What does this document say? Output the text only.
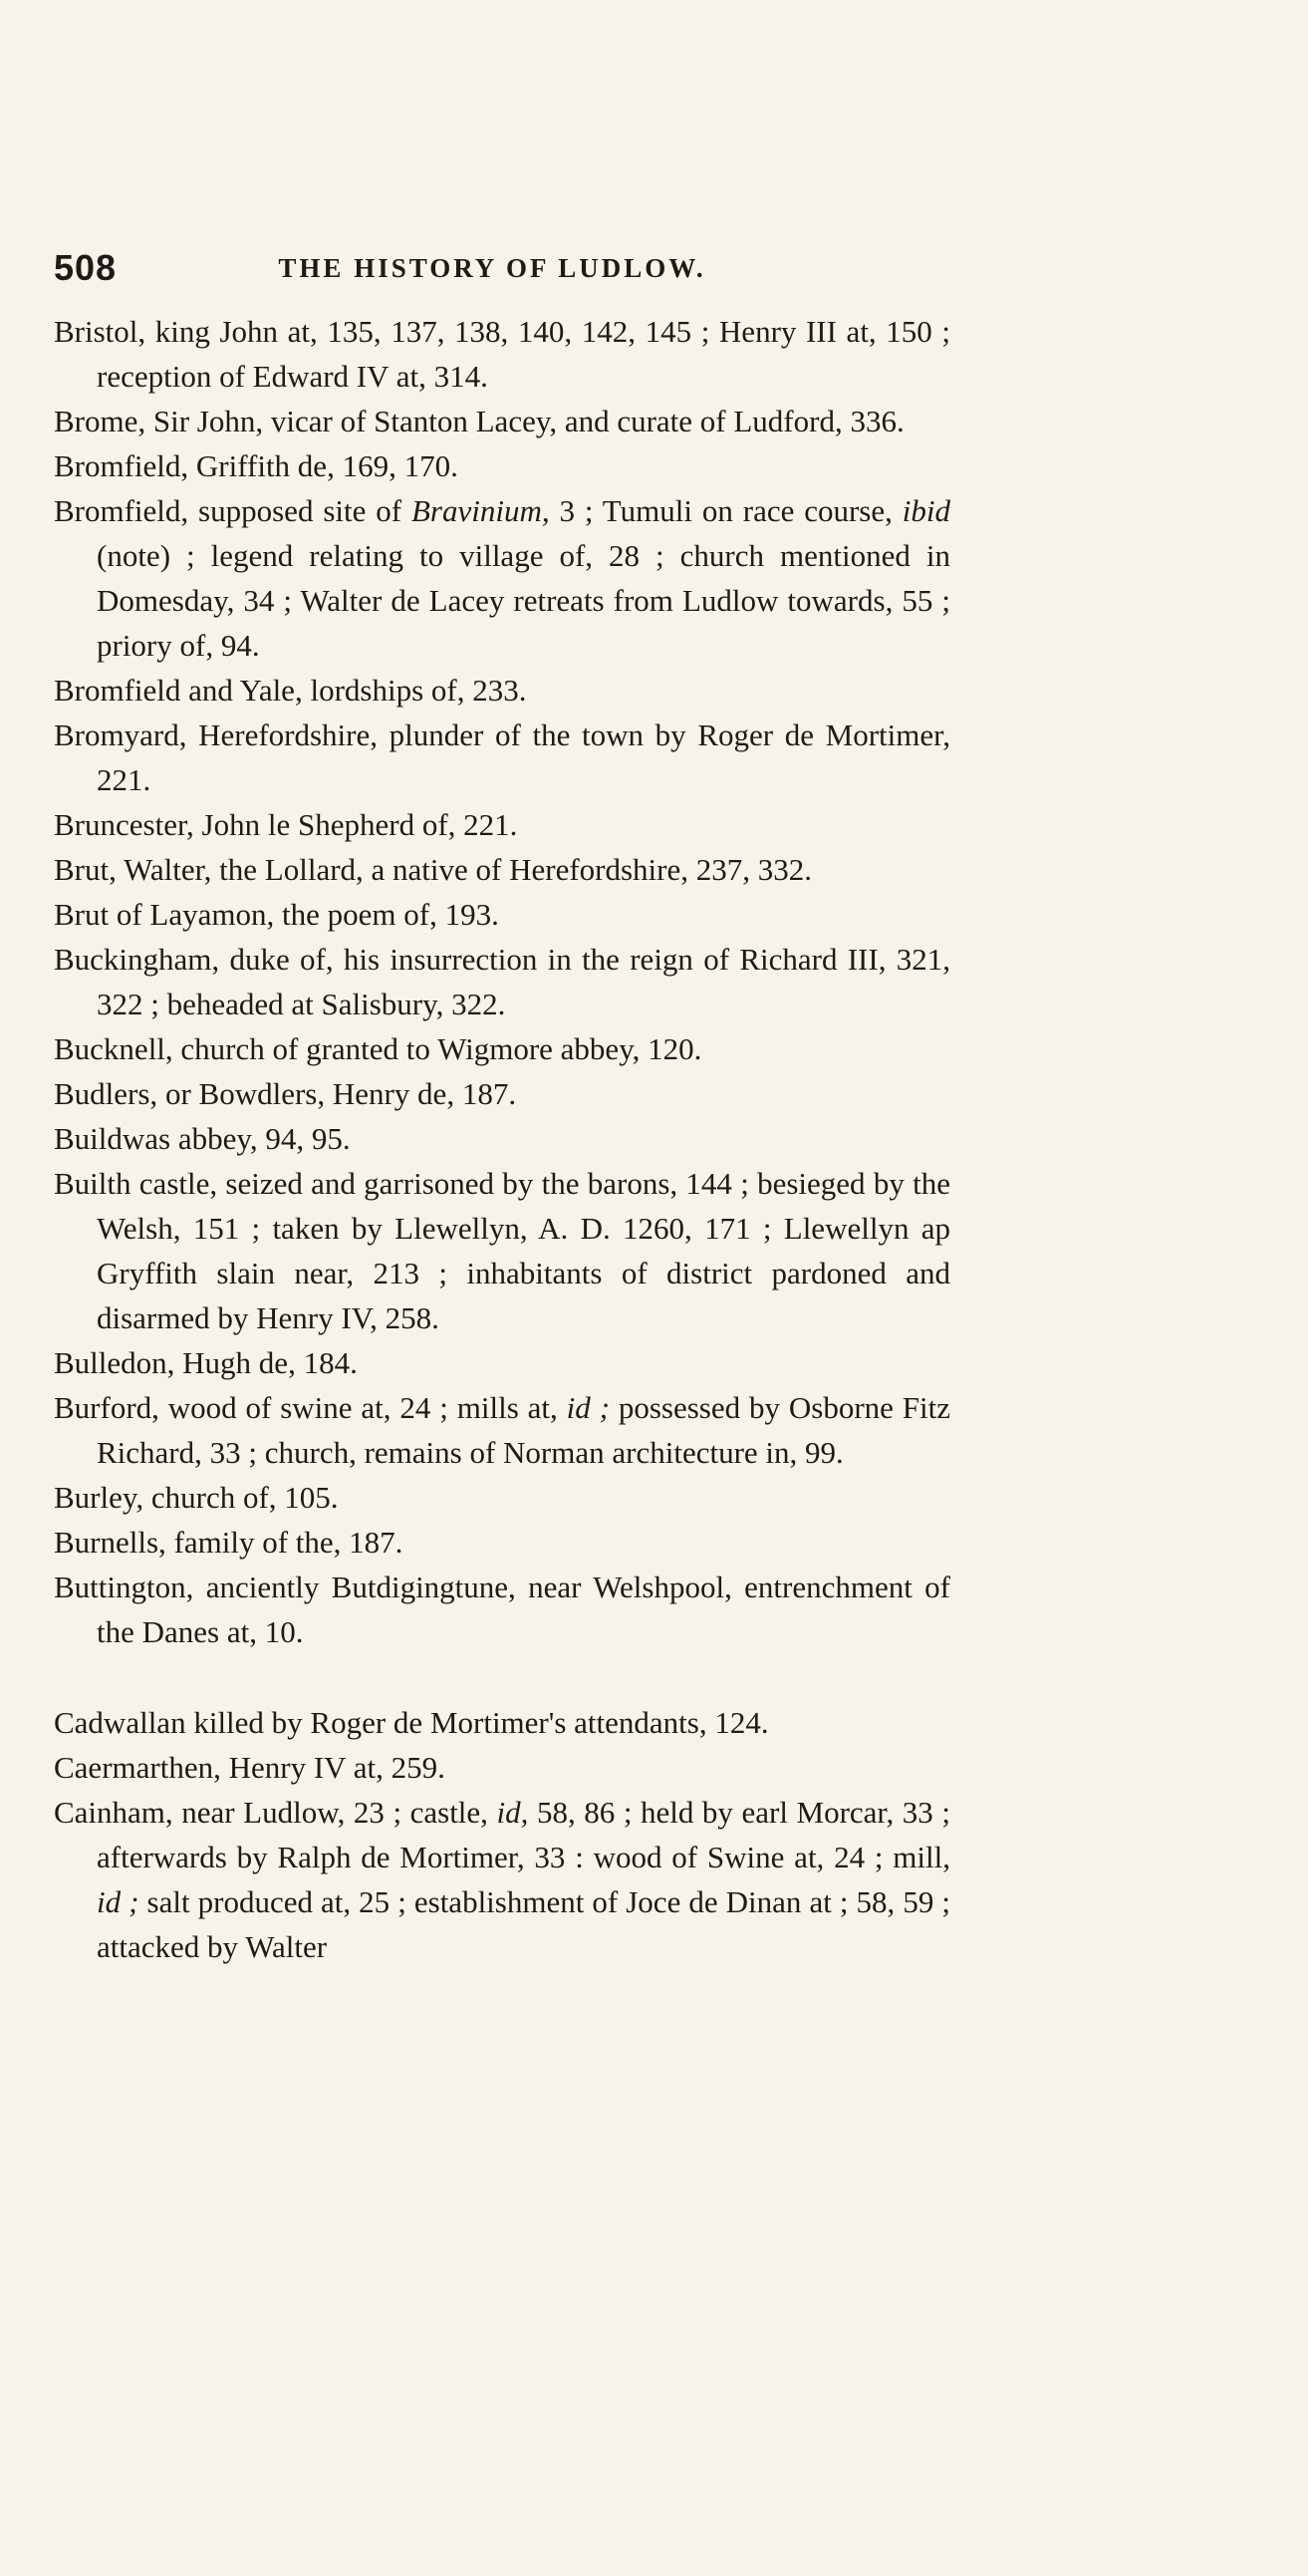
508	THE HISTORY OF LUDLOW.

Bristol, king John at, 135, 137, 138, 140, 142, 145 ; Henry III at, 150 ; reception of Edward IV at, 314.

Brome, Sir John, vicar of Stanton Lacey, and curate of Ludford, 336.

Bromfield, Griffith de, 169, 170.

Bromfield, supposed site of Bravinium, 3 ; Tumuli on race course, ibid (note) ; legend relating to village of, 28 ; church mentioned in Domesday, 34 ; Walter de Lacey retreats from Ludlow towards, 55 ; priory of, 94.

Bromfield and Yale, lordships of, 233.

Bromyard, Herefordshire, plunder of the town by Roger de Mortimer, 221.

Bruncester, John le Shepherd of, 221.

Brut, Walter, the Lollard, a native of Herefordshire, 237, 332.

Brut of Layamon, the poem of, 193.

Buckingham, duke of, his insurrection in the reign of Richard III, 321, 322 ; beheaded at Salisbury, 322.

Bucknell, church of granted to Wigmore abbey, 120.

Budlers, or Bowdlers, Henry de, 187.

Buildwas abbey, 94, 95.

Builth castle, seized and garrisoned by the barons, 144 ; besieged by the Welsh, 151 ; taken by Llewellyn, A. D. 1260, 171 ; Llewellyn ap Gryffith slain near, 213 ; inhabitants of district pardoned and disarmed by Henry IV, 258.

Bulledon, Hugh de, 184.

Burford, wood of swine at, 24 ; mills at, id ; possessed by Osborne Fitz Richard, 33 ; church, remains of Norman architecture in, 99.

Burley, church of, 105.

Burnells, family of the, 187.

Buttington, anciently Butdigingtune, near Welshpool, entrenchment of the Danes at, 10.

Cadwallan killed by Roger de Mortimer's attendants, 124.

Caermarthen, Henry IV at, 259.

Cainham, near Ludlow, 23 ; castle, id, 58, 86 ; held by earl Morcar, 33 ; afterwards by Ralph de Mortimer, 33 : wood of Swine at, 24 ; mill, id ; salt produced at, 25 ; establishment of Joce de Dinan at ; 58, 59 ; attacked by Walter
